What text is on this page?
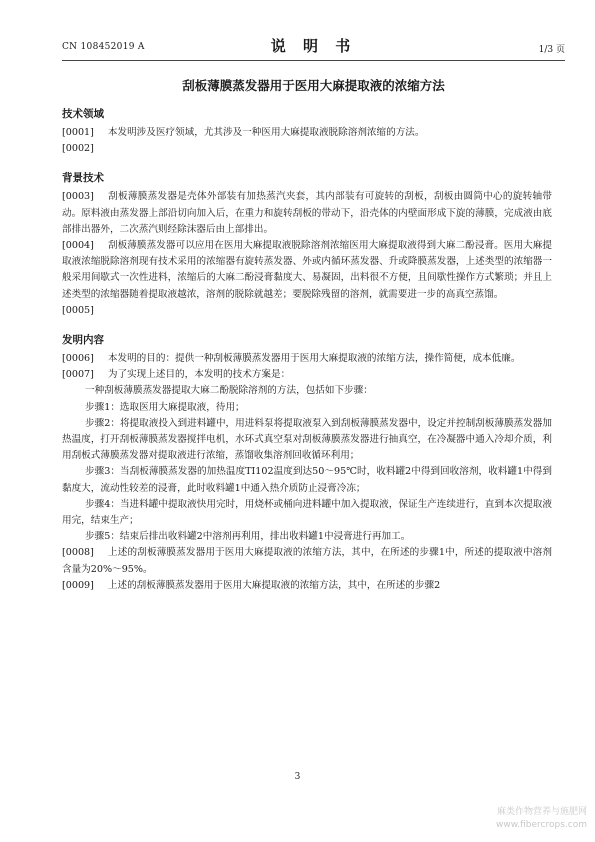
CN 108452019 A	说 明 书	1/3 页
刮板薄膜蒸发器用于医用大麻提取液的浓缩方法
技术领域

[0001] 本发明涉及医疗领域，尤其涉及一种医用大麻提取液脱除溶剂浓缩的方法。

[0002]

背景技术

[0003] 刮板薄膜蒸发器是壳体外部装有加热蒸汽夹套，其内部装有可旋转的刮板，刮板由圆筒中心的旋转轴带动。原料液由蒸发器上部沿切向加入后，在重力和旋转刮板的带动下，沿壳体的内壁面形成下旋的薄膜，完成液由底部排出器外，二次蒸汽则经除沫器后由上部排出。

[0004] 刮板薄膜蒸发器可以应用在医用大麻提取液脱除溶剂浓缩医用大麻提取液得到大麻二酚浸膏。医用大麻提取液浓缩脱除溶剂现有技术采用的浓缩器有旋转蒸发器、外或内循环蒸发器、升或降膜蒸发器，上述类型的浓缩器一般采用间歇式一次性进料，浓缩后的大麻二酚浸膏黏度大、易凝固，出料很不方便，且间歇性操作方式繁琐；并且上述类型的浓缩器随着提取液越浓，溶剂的脱除就越差；要脱除残留的溶剂，就需要进一步的高真空蒸馏。

[0005]

发明内容

[0006] 本发明的目的：提供一种刮板薄膜蒸发器用于医用大麻提取液的浓缩方法，操作简便，成本低廉。

[0007] 为了实现上述目的，本发明的技术方案是：

一种刮板薄膜蒸发器提取大麻二酚脱除溶剂的方法，包括如下步骤：

步骤1：选取医用大麻提取液，待用；

步骤2：将提取液投入到进料罐中，用进料泵将提取液泵入到刮板薄膜蒸发器中，设定并控制刮板薄膜蒸发器加热温度，打开刮板薄膜蒸发器搅拌电机，水环式真空泵对刮板薄膜蒸发器进行抽真空，在冷凝器中通入冷却介质，利用刮板式薄膜蒸发器对提取液进行浓缩，蒸馏收集溶剂回收循环利用；

步骤3：当刮板薄膜蒸发器的加热温度TI102温度到达50～95℃时，收料罐2中得到回收溶剂，收料罐1中得到黏度大，流动性较差的浸膏，此时收料罐1中通入热介质防止浸膏冷冻；

步骤4：当进料罐中提取液快用完时，用烧杯或桶向进料罐中加入提取液，保证生产连续进行，直到本次提取液用完，结束生产；

步骤5：结束后排出收料罐2中溶剂再利用，排出收料罐1中浸膏进行再加工。

[0008] 上述的刮板薄膜蒸发器用于医用大麻提取液的浓缩方法，其中，在所述的步骤1中，所述的提取液中溶剂含量为20%～95%。

[0009] 上述的刮板薄膜蒸发器用于医用大麻提取液的浓缩方法，其中，在所述的步骤2

3
麻类作物营养与施肥网
www.fibercrops.com
